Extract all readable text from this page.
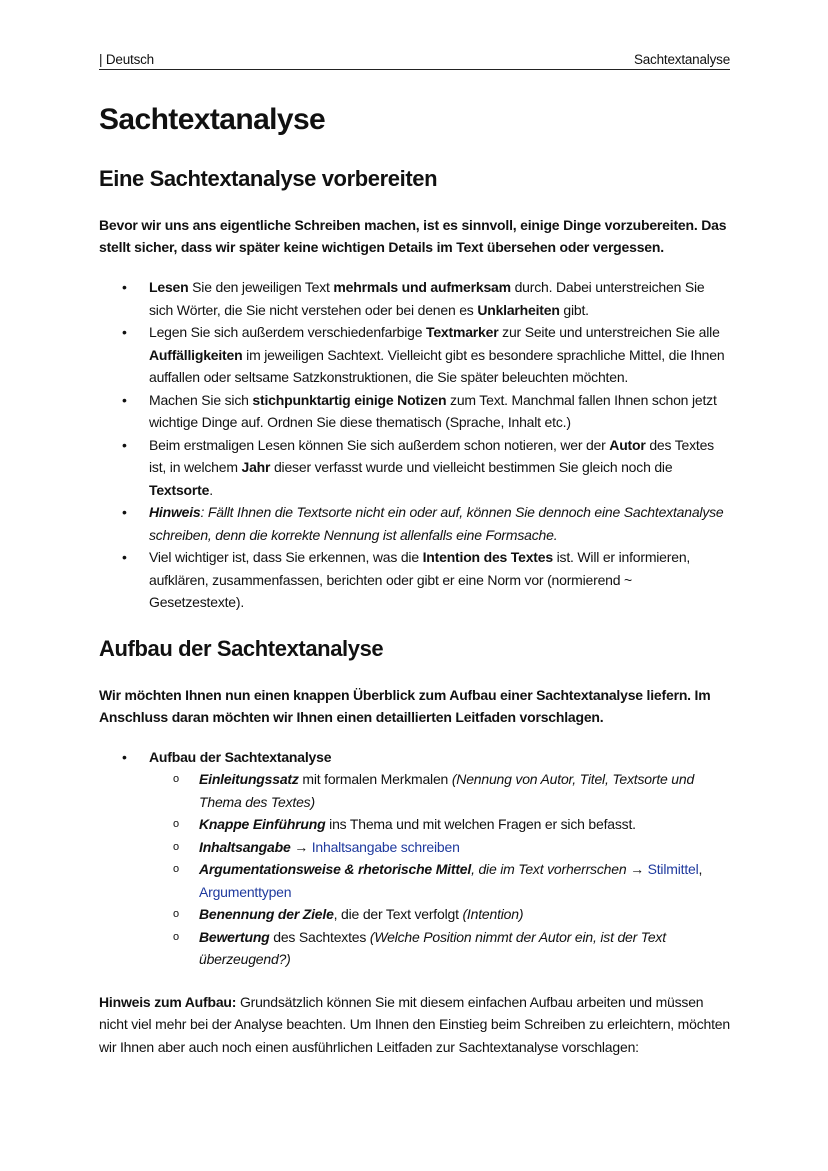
| Deutsch	Sachtextanalyse
Sachtextanalyse
Eine Sachtextanalyse vorbereiten

Bevor wir uns ans eigentliche Schreiben machen, ist es sinnvoll, einige Dinge vorzubereiten. Das stellt sicher, dass wir später keine wichtigen Details im Text übersehen oder vergessen.

• Lesen Sie den jeweiligen Text mehrmals und aufmerksam durch. Dabei unterstreichen Sie sich Wörter, die Sie nicht verstehen oder bei denen es Unklarheiten gibt.
• Legen Sie sich außerdem verschiedenfarbige Textmarker zur Seite und unterstreichen Sie alle Auffälligkeiten im jeweiligen Sachtext. Vielleicht gibt es besondere sprachliche Mittel, die Ihnen auffallen oder seltsame Satzkonstruktionen, die Sie später beleuchten möchten.
• Machen Sie sich stichpunktartig einige Notizen zum Text. Manchmal fallen Ihnen schon jetzt wichtige Dinge auf. Ordnen Sie diese thematisch (Sprache, Inhalt etc.)
• Beim erstmaligen Lesen können Sie sich außerdem schon notieren, wer der Autor des Textes ist, in welchem Jahr dieser verfasst wurde und vielleicht bestimmen Sie gleich noch die Textsorte.
• Hinweis: Fällt Ihnen die Textsorte nicht ein oder auf, können Sie dennoch eine Sachtextanalyse schreiben, denn die korrekte Nennung ist allenfalls eine Formsache.
• Viel wichtiger ist, dass Sie erkennen, was die Intention des Textes ist. Will er informieren, aufklären, zusammenfassen, berichten oder gibt er eine Norm vor (normierend ~ Gesetzestexte).
Aufbau der Sachtextanalyse

Wir möchten Ihnen nun einen knappen Überblick zum Aufbau einer Sachtextanalyse liefern. Im Anschluss daran möchten wir Ihnen einen detaillierten Leitfaden vorschlagen.

• Aufbau der Sachtextanalyse
o Einleitungssatz mit formalen Merkmalen (Nennung von Autor, Titel, Textsorte und Thema des Textes)
o Knappe Einführung ins Thema und mit welchen Fragen er sich befasst.
o Inhaltsangabe → Inhaltsangabe schreiben
o Argumentationsweise & rhetorische Mittel, die im Text vorherrschen → Stilmittel, Argumenttypen
o Benennung der Ziele, die der Text verfolgt (Intention)
o Bewertung des Sachtextes (Welche Position nimmt der Autor ein, ist der Text überzeugend?)

Hinweis zum Aufbau: Grundsätzlich können Sie mit diesem einfachen Aufbau arbeiten und müssen nicht viel mehr bei der Analyse beachten. Um Ihnen den Einstieg beim Schreiben zu erleichtern, möchten wir Ihnen aber auch noch einen ausführlichen Leitfaden zur Sachtextanalyse vorschlagen:
